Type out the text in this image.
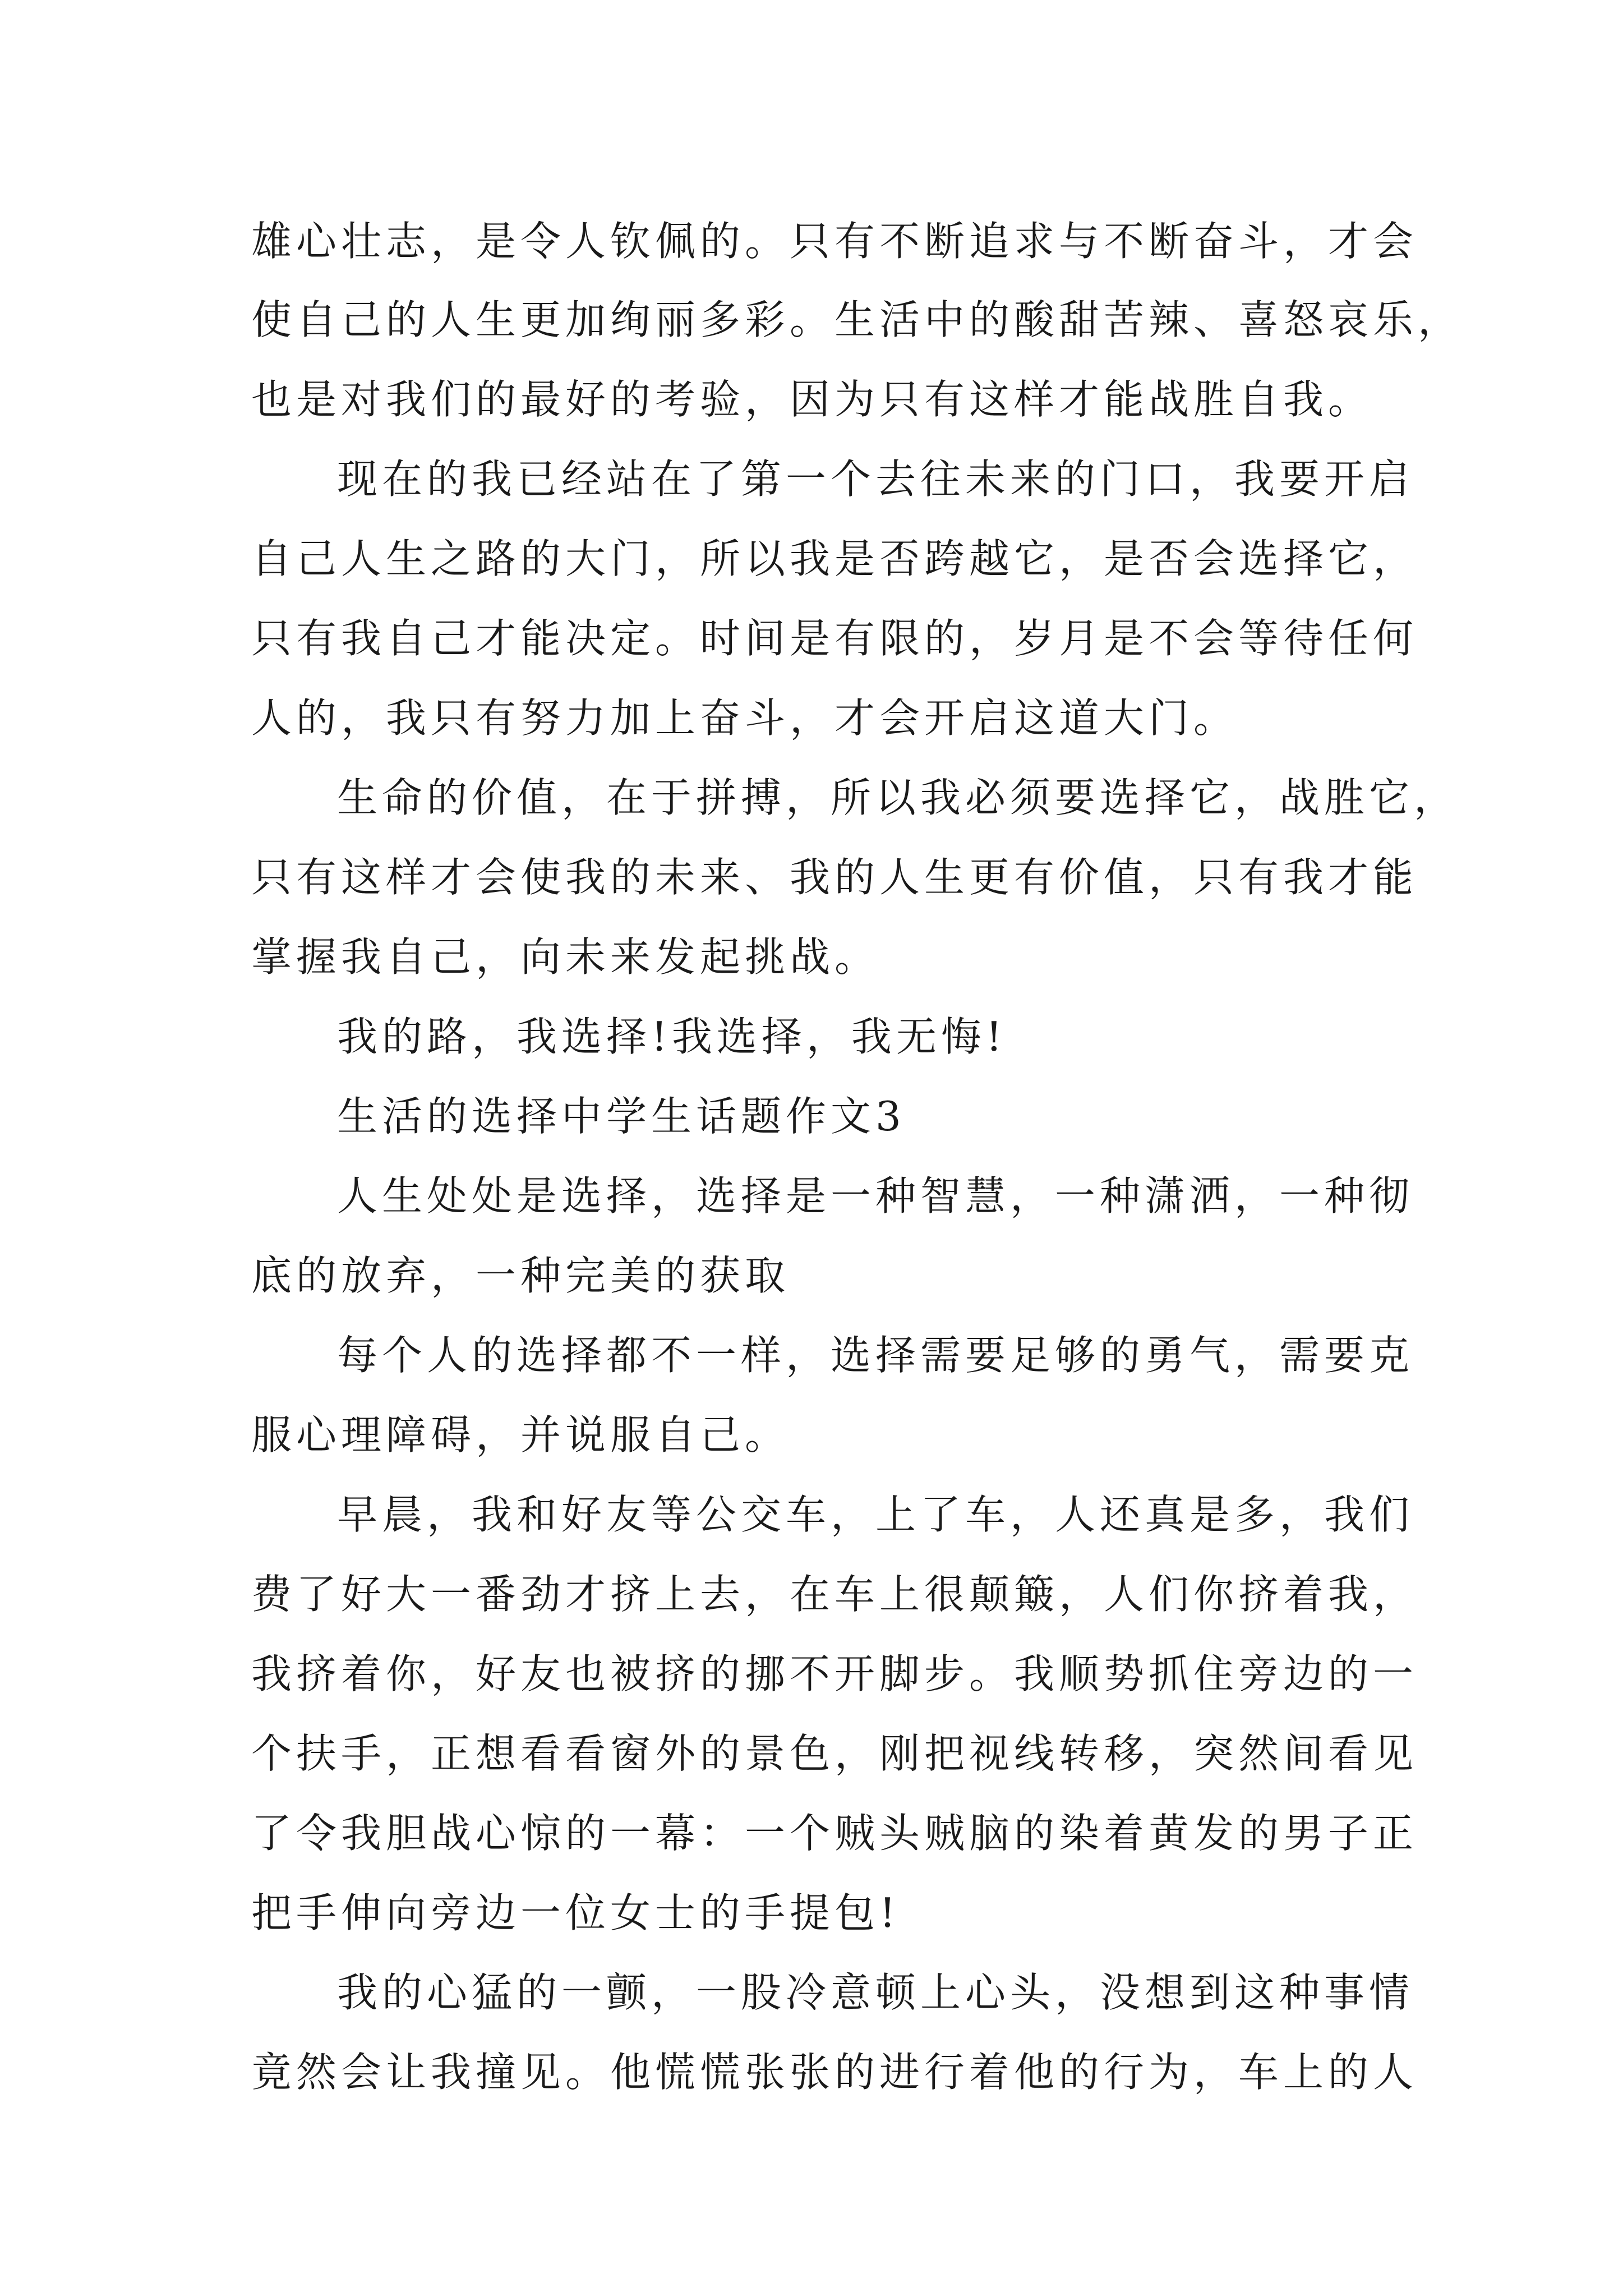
雄心壮志，是令人钦佩的。只有不断追求与不断奋斗，才会
使自己的人生更加绚丽多彩。生活中的酸甜苦辣、喜怒哀乐，
也是对我们的最好的考验，因为只有这样才能战胜自我。
现在的我已经站在了第一个去往未来的门口，我要开启
自己人生之路的大门，所以我是否跨越它，是否会选择它，
只有我自己才能决定。时间是有限的，岁月是不会等待任何
人的，我只有努力加上奋斗，才会开启这道大门。
生命的价值，在于拼搏，所以我必须要选择它，战胜它，
只有这样才会使我的未来、我的人生更有价值，只有我才能
掌握我自己，向未来发起挑战。
我的路，我选择!我选择，我无悔!
生活的选择中学生话题作文3
人生处处是选择，选择是一种智慧，一种潇洒，一种彻
底的放弃，一种完美的获取
每个人的选择都不一样，选择需要足够的勇气，需要克
服心理障碍，并说服自己。
早晨，我和好友等公交车，上了车，人还真是多，我们
费了好大一番劲才挤上去，在车上很颠簸，人们你挤着我，
我挤着你，好友也被挤的挪不开脚步。我顺势抓住旁边的一
个扶手，正想看看窗外的景色，刚把视线转移，突然间看见
了令我胆战心惊的一幕：一个贼头贼脑的染着黄发的男子正
把手伸向旁边一位女士的手提包!
我的心猛的一颤，一股冷意顿上心头，没想到这种事情
竟然会让我撞见。他慌慌张张的进行着他的行为，车上的人
